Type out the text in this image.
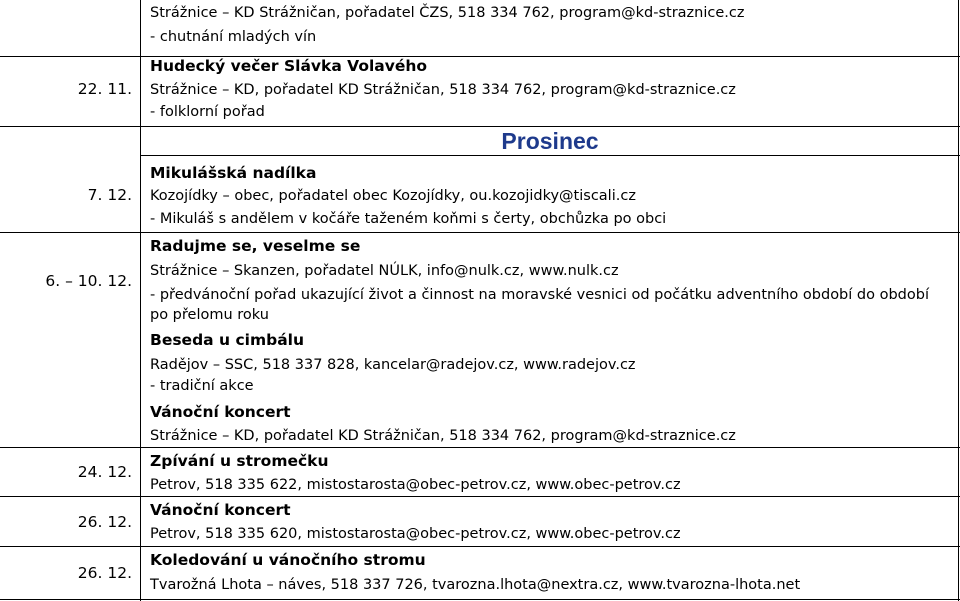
Strážnice – KD Strážničan, pořadatel ČZS, 518 334 762, program@kd-straznice.cz
- chutnání mladých vín
22. 11.
Hudecký večer Slávka Volavého
Strážnice – KD, pořadatel KD Strážničan, 518 334 762, program@kd-straznice.cz
- folklorní pořad
Prosinec
7. 12.
Mikulášská nadílka
Kozojídky – obec, pořadatel obec Kozojídky, ou.kozojidky@tiscali.cz
- Mikuláš s andělem v kočáře taženém koňmi s čerty, obchůzka po obci
6. – 10. 12.
Radujme se, veselme se
Strážnice – Skanzen, pořadatel NÚLK, info@nulk.cz, www.nulk.cz
- předvánoční pořad ukazující život a činnost na moravské vesnici od počátku adventního období do období
po přelomu roku
Beseda u cimbálu
Radějov – SSC, 518 337 828, kancelar@radejov.cz, www.radejov.cz
- tradiční akce
Vánoční koncert
Strážnice – KD, pořadatel KD Strážničan, 518 334 762, program@kd-straznice.cz
24. 12.
Zpívání u stromečku
Petrov, 518 335 622, mistostarosta@obec-petrov.cz, www.obec-petrov.cz
26. 12.
Vánoční koncert
Petrov, 518 335 620, mistostarosta@obec-petrov.cz, www.obec-petrov.cz
26. 12.
Koledování u vánočního stromu
Tvarožná Lhota – náves, 518 337 726, tvarozna.lhota@nextra.cz, www.tvarozna-lhota.net
